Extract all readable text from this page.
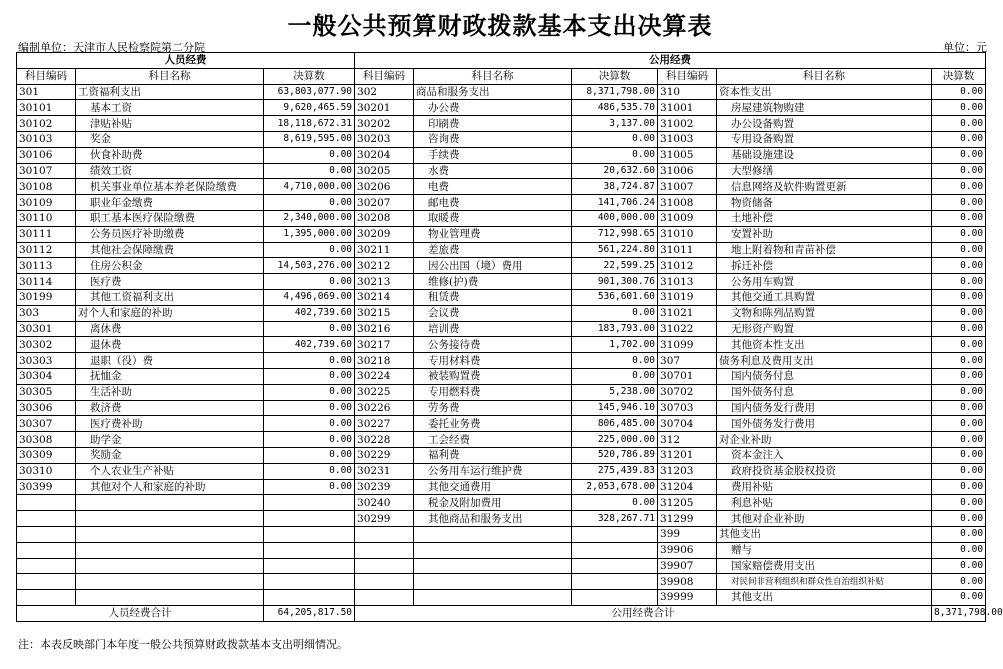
一般公共预算财政拨款基本支出决算表
编制单位：天津市人民检察院第二分院	单位：元
人员经费			公用经费					
科目编码	科目名称	决算数	科目编码	科目名称	决算数	科目编码	科目名称	决算数
301	工资福利支出	63,803,077.90	302	商品和服务支出	8,371,798.00	310	资本性支出	0.00
30101	基本工资	9,620,465.59	30201	办公费	486,535.70	31001	房屋建筑物购建	0.00
30102	津贴补贴	18,118,672.31	30202	印刷费	3,137.00	31002	办公设备购置	0.00
30103	奖金	8,619,595.00	30203	咨询费	0.00	31003	专用设备购置	0.00
30106	伙食补助费	0.00	30204	手续费	0.00	31005	基础设施建设	0.00
30107	绩效工资	0.00	30205	水费	20,632.60	31006	大型修缮	0.00
30108	机关事业单位基本养老保险缴费	4,710,000.00	30206	电费	38,724.87	31007	信息网络及软件购置更新	0.00
30109	职业年金缴费	0.00	30207	邮电费	141,706.24	31008	物资储备	0.00
30110	职工基本医疗保险缴费	2,340,000.00	30208	取暖费	400,000.00	31009	土地补偿	0.00
30111	公务员医疗补助缴费	1,395,000.00	30209	物业管理费	712,998.65	31010	安置补助	0.00
30112	其他社会保障缴费	0.00	30211	差旅费	561,224.80	31011	地上附着物和青苗补偿	0.00
30113	住房公积金	14,503,276.00	30212	因公出国（境）费用	22,599.25	31012	拆迁补偿	0.00
30114	医疗费	0.00	30213	维修(护)费	901,300.76	31013	公务用车购置	0.00
30199	其他工资福利支出	4,496,069.00	30214	租赁费	536,601.60	31019	其他交通工具购置	0.00
303	对个人和家庭的补助	402,739.60	30215	会议费	0.00	31021	文物和陈列品购置	0.00
30301	离休费	0.00	30216	培训费	183,793.00	31022	无形资产购置	0.00
30302	退休费	402,739.60	30217	公务接待费	1,702.00	31099	其他资本性支出	0.00
30303	退职（役）费	0.00	30218	专用材料费	0.00	307	债务利息及费用支出	0.00
30304	抚恤金	0.00	30224	被装购置费	0.00	30701	国内债务付息	0.00
30305	生活补助	0.00	30225	专用燃料费	5,238.00	30702	国外债务付息	0.00
30306	救济费	0.00	30226	劳务费	145,946.10	30703	国内债务发行费用	0.00
30307	医疗费补助	0.00	30227	委托业务费	806,485.00	30704	国外债务发行费用	0.00
30308	助学金	0.00	30228	工会经费	225,000.00	312	对企业补助	0.00
30309	奖励金	0.00	30229	福利费	520,786.89	31201	资本金注入	0.00
30310	个人农业生产补贴	0.00	30231	公务用车运行维护费	275,439.83	31203	政府投资基金股权投资	0.00
30399	其他对个人和家庭的补助	0.00	30239	其他交通费用	2,053,678.00	31204	费用补贴	0.00
			30240	税金及附加费用	0.00	31205	利息补贴	0.00
			30299	其他商品和服务支出	328,267.71	31299	其他对企业补助	0.00
						399	其他支出	0.00
						39906	赠与	0.00
						39907	国家赔偿费用支出	0.00
						39908	对民间非营利组织和群众性自治组织补贴	0.00
						39999	其他支出	0.00
人员经费合计		64,205,817.50	公用经费合计					8,371,798.00
注：本表反映部门本年度一般公共预算财政拨款基本支出明细情况。
